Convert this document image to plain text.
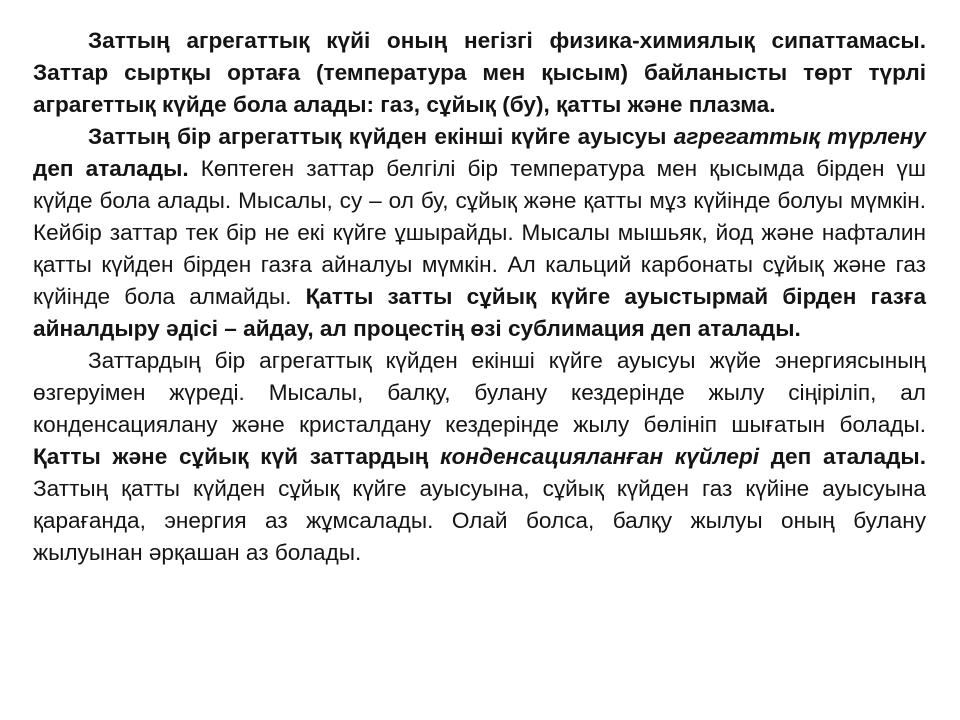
Заттың агрегаттық күйі оның негізгі физика-химиялық сипаттамасы. Заттар сыртқы ортаға (температура мен қысым) байланысты төрт түрлі аграгеттық күйде бола алады: газ, сұйық (бу), қатты және плазма.

Заттың бір агрегаттық күйден екінші күйге ауысуы агрегаттық түрлену деп аталады. Көптеген заттар белгілі бір температура мен қысымда бірден үш күйде бола алады. Мысалы, су – ол бу, сұйық және қатты мұз күйінде болуы мүмкін. Кейбір заттар тек бір не екі күйге ұшырайды. Мысалы мышьяк, йод және нафталин қатты күйден бірден газға айналуы мүмкін. Ал кальций карбонаты сұйық және газ күйінде бола алмайды. Қатты затты сұйық күйге ауыстырмай бірден газға айналдыру әдісі – айдау, ал процестің өзі сублимация деп аталады.

Заттардың бір агрегаттық күйден екінші күйге ауысуы жүйе энергиясының өзгеруімен жүреді. Мысалы, балқу, булану кездерінде жылу сіңіріліп, ал конденсациялану және кристалдану кездерінде жылу бөлініп шығатын болады. Қатты және сұйық күй заттардың конденсацияланған күйлері деп аталады. Заттың қатты күйден сұйық күйге ауысуына, сұйық күйден газ күйіне ауысуына қарағанда, энергия аз жұмсалады. Олай болса, балқу жылуы оның булану жылуынан әрқашан аз болады.
